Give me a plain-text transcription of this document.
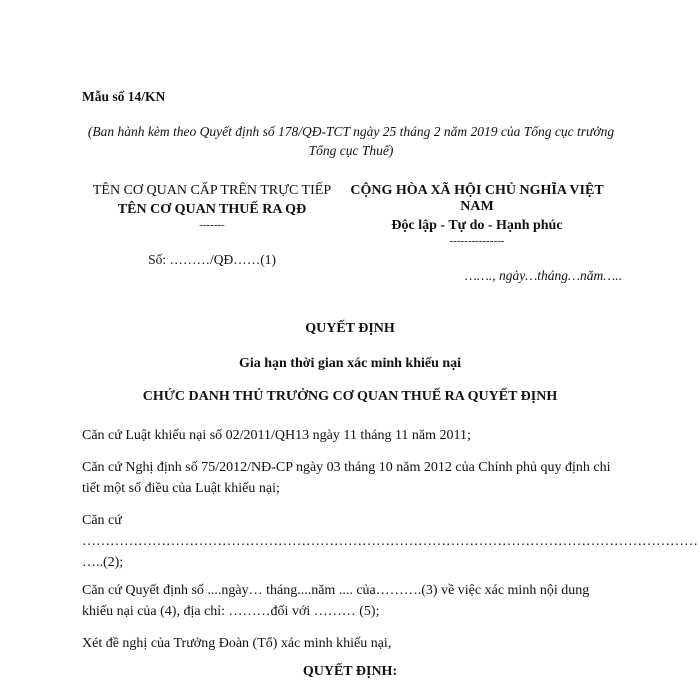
Mẫu số 14/KN
(Ban hành kèm theo Quyết định số 178/QĐ-TCT ngày 25 tháng 2 năm 2019 của Tổng cục trưởng Tổng cục Thuế)
TÊN CƠ QUAN CẤP TRÊN TRỰC TIẾP
TÊN CƠ QUAN THUẾ RA QĐ
-------
Số: ………/QĐ……(1)
CỘNG HÒA XÃ HỘI CHỦ NGHĨA VIỆT NAM
Độc lập - Tự do - Hạnh phúc
---------------
……., ngày…tháng…năm…..
QUYẾT ĐỊNH
Gia hạn thời gian xác minh khiếu nại
CHỨC DANH THỦ TRƯỞNG CƠ QUAN THUẾ RA QUYẾT ĐỊNH
Căn cứ Luật khiếu nại số 02/2011/QH13 ngày 11 tháng 11 năm 2011;
Căn cứ Nghị định số 75/2012/NĐ-CP ngày 03 tháng 10 năm 2012 của Chính phủ quy định chi tiết một số điều của Luật khiếu nại;
Căn cứ
……………………………………………………………………………………………………………………
…..(2);
Căn cứ Quyết định số ....ngày… tháng....năm .... của……….(3) về việc xác minh nội dung khiếu nại của (4), địa chỉ: ………đối với ……… (5);
Xét đề nghị của Trưởng Đoàn (Tổ) xác minh khiếu nại,
QUYẾT ĐỊNH:
